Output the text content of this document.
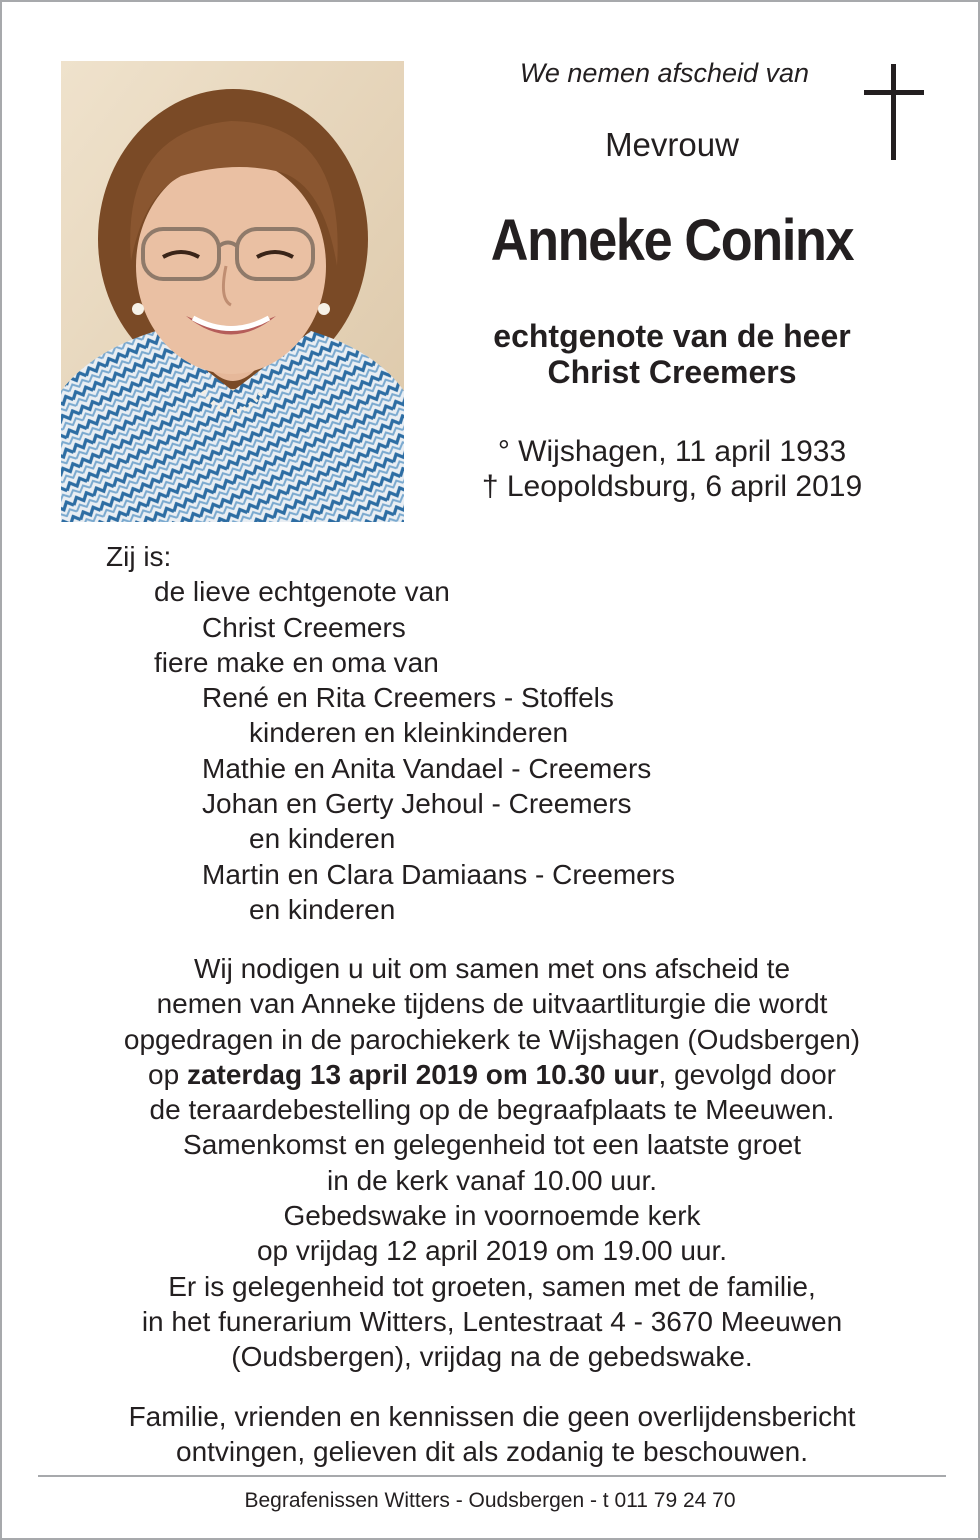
We nemen afscheid van
Mevrouw
Anneke Coninx
echtgenote van de heer
Christ Creemers
° Wijshagen, 11 april 1933
† Leopoldsburg, 6 april 2019
Zij is:
de lieve echtgenote van
Christ Creemers
fiere make en oma van
René en Rita Creemers - Stoffels
kinderen en kleinkinderen
Mathie en Anita Vandael - Creemers
Johan en Gerty Jehoul - Creemers
en kinderen
Martin en Clara Damiaans - Creemers
en kinderen
Wij nodigen u uit om samen met ons afscheid te
nemen van Anneke tijdens de uitvaartliturgie die wordt
opgedragen in de parochiekerk te Wijshagen (Oudsbergen)
op zaterdag 13 april 2019 om 10.30 uur, gevolgd door
de teraardebestelling op de begraafplaats te Meeuwen.
Samenkomst en gelegenheid tot een laatste groet
in de kerk vanaf 10.00 uur.
Gebedswake in voornoemde kerk
op vrijdag 12 april 2019 om 19.00 uur.
Er is gelegenheid tot groeten, samen met de familie,
in het funerarium Witters, Lentestraat 4 - 3670 Meeuwen
(Oudsbergen), vrijdag na de gebedswake.
Familie, vrienden en kennissen die geen overlijdensbericht
ontvingen, gelieven dit als zodanig te beschouwen.
Begrafenissen Witters - Oudsbergen - t 011 79 24 70
